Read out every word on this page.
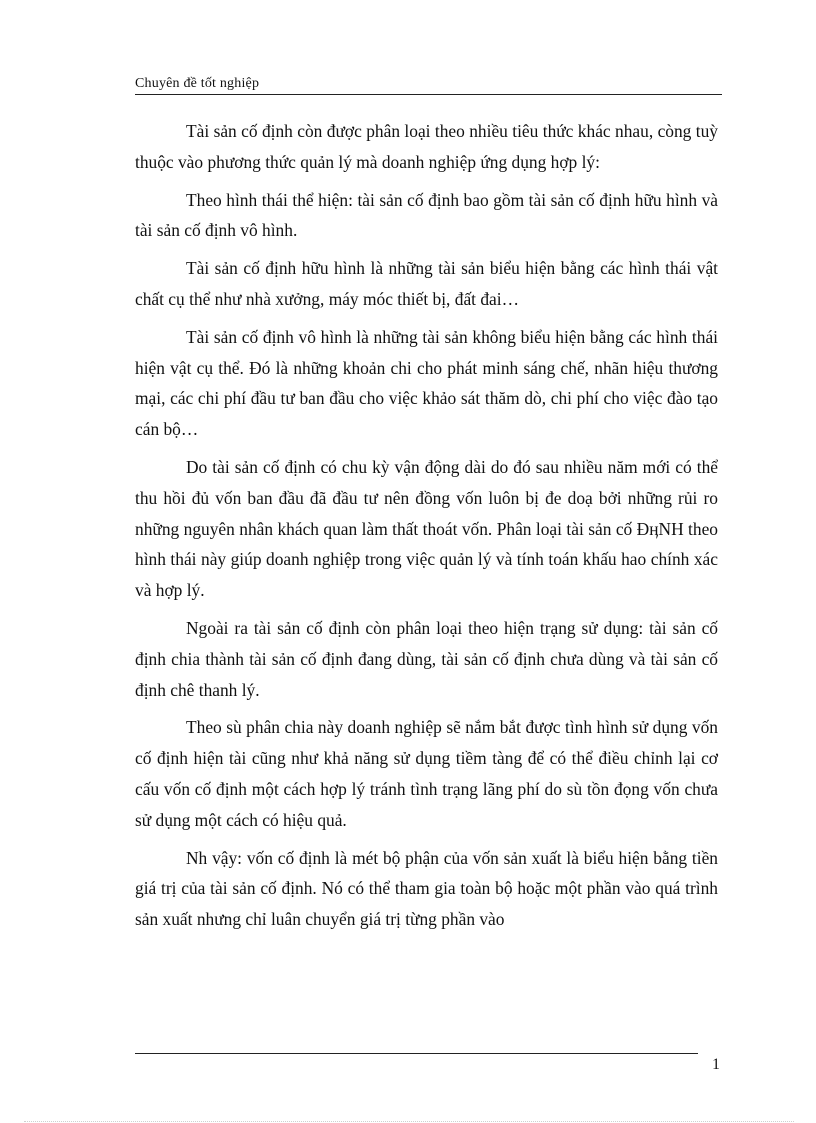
Chuyên đề tốt nghiệp

Tài sản cố định còn được phân loại theo nhiều tiêu thức khác nhau, còng tuỳ thuộc vào phương thức quản lý mà doanh nghiệp ứng dụng hợp lý:

Theo hình thái thể hiện: tài sản cố định bao gồm tài sản cố định hữu hình và tài sản cố định vô hình.

Tài sản cố định hữu hình là những tài sản biểu hiện bằng các hình thái vật chất cụ thể như nhà xưởng, máy móc thiết bị, đất đai…

Tài sản cố định vô hình là những tài sản không biểu hiện bằng các hình thái hiện vật cụ thể. Đó là những khoản chi cho phát minh sáng chế, nhãn hiệu thương mại, các chi phí đầu tư ban đầu cho việc khảo sát thăm dò, chi phí cho việc đào tạo cán bộ…

Do tài sản cố định có chu kỳ vận động dài do đó sau nhiều năm mới có thể thu hồi đủ vốn ban đầu đã đầu tư nên đồng vốn luôn bị đe doạ bởi những rủi ro những nguyên nhân khách quan làm thất thoát vốn. Phân loại tài sản cố ĐӊNH theo hình thái này giúp doanh nghiệp trong việc quản lý và tính toán khấu hao chính xác và hợp lý.

Ngoài ra tài sản cố định còn phân loại theo hiện trạng sử dụng: tài sản cố định chia thành tài sản cố định đang dùng, tài sản cố định chưa dùng và tài sản cố định chê thanh lý.

Theo sù phân chia này doanh nghiệp sẽ nắm bắt được tình hình sử dụng vốn cố định hiện tài cũng như khả năng sử dụng tiềm tàng để có thể điều chỉnh lại cơ cấu vốn cố định một cách hợp lý tránh tình trạng lãng phí do sù tồn đọng vốn chưa sử dụng một cách có hiệu quả.

Nh vậy: vốn cố định là mét bộ phận của vốn sản xuất là biểu hiện bằng tiền giá trị của tài sản cố định. Nó có thể tham gia toàn bộ hoặc một phần vào quá trình sản xuất nhưng chỉ luân chuyển giá trị từng phần vào

1
